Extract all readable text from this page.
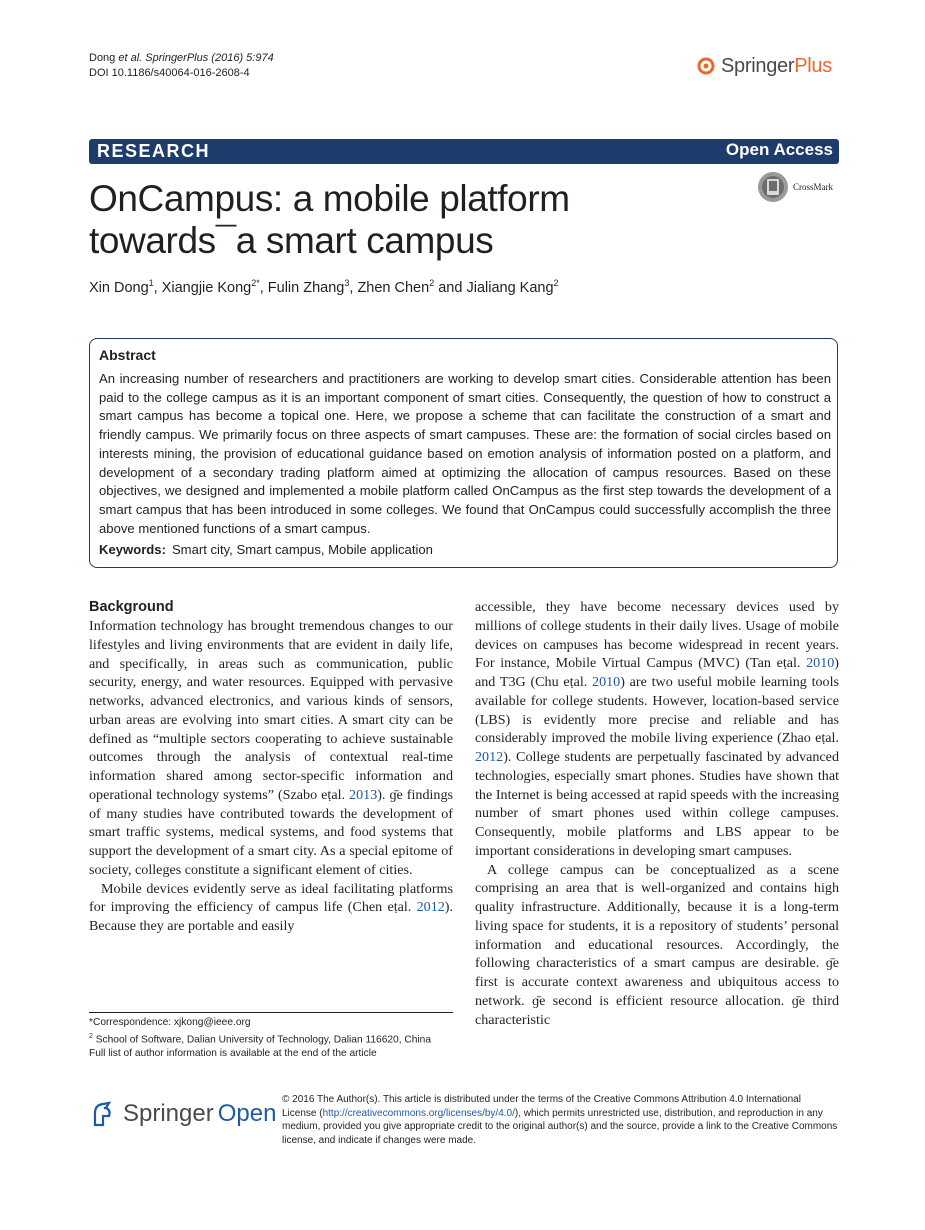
Dong et al. SpringerPlus (2016) 5:974
DOI 10.1186/s40064-016-2608-4	Springer Plus
RESEARCH	Open Access
OnCampus: a mobile platform towards¯a smart campus
CrossMark
Xin Dong$^1$, Xiangjie Kong$^{2*}$, Fulin Zhang$^3$, Zhen Chen$^2$ and Jialiang Kang$^2$
Abstract

An increasing number of researchers and practitioners are working to develop smart cities. Considerable attention has been paid to the college campus as it is an important component of smart cities. Consequently, the question of how to construct a smart campus has become a topical one. Here, we propose a scheme that can facilitate the construction of a smart and friendly campus. We primarily focus on three aspects of smart campuses. These are: the formation of social circles based on interests mining, the provision of educational guidance based on emotion analysis of information posted on a platform, and development of a secondary trading platform aimed at optimizing the allocation of campus resources. Based on these objectives, we designed and implemented a mobile platform called OnCampus as the first step towards the development of a smart campus that has been introduced in some colleges. We found that OnCampus could successfully accomplish the three above mentioned functions of a smart campus.

Keywords: Smart city, Smart campus, Mobile application
Background

Information technology has brought tremendous changes to our lifestyles and living environments that are evident in daily life, and specifically, in areas such as communication, public security, energy, and water resources. Equipped with pervasive networks, advanced electronics, and various kinds of sensors, urban areas are evolving into smart cities. A smart city can be defined as “multiple sectors cooperating to achieve sustainable outcomes through the analysis of contextual real-time information shared among sector-specific information and operational technology systems” (Szabo eṭal. 2013). ɡ̄e findings of many studies have contributed towards the development of smart traffic systems, medical systems, and food systems that support the development of a smart city. As a special epitome of society, colleges constitute a significant element of cities.

Mobile devices evidently serve as ideal facilitating platforms for improving the efficiency of campus life (Chen eṭal. 2012). Because they are portable and easily

accessible, they have become necessary devices used by millions of college students in their daily lives. Usage of mobile devices on campuses has become widespread in recent years. For instance, Mobile Virtual Campus (MVC) (Tan eṭal. 2010) and T3G (Chu eṭal. 2010) are two useful mobile learning tools available for college students. However, location-based service (LBS) is evidently more precise and reliable and has considerably improved the mobile living experience (Zhao eṭal. 2012). College students are perpetually fascinated by advanced technologies, especially smart phones. Studies have shown that the Internet is being accessed at rapid speeds with the increasing number of smart phones used within college campuses. Consequently, mobile platforms and LBS appear to be important considerations in developing smart campuses.

A college campus can be conceptualized as a scene comprising an area that is well-organized and contains high quality infrastructure. Additionally, because it is a long-term living space for students, it is a repository of students’ personal information and educational resources. Accordingly, the following characteristics of a smart campus are desirable. ɡ̄e first is accurate context awareness and ubiquitous access to network. ɡ̄e second is efficient resource allocation. ɡ̄e third characteristic

*Correspondence: xjkong@ieee.org
$^2$ School of Software, Dalian University of Technology, Dalian 116620, China
Full list of author information is available at the end of the article
Springer Open
© 2016 The Author(s). This article is distributed under the terms of the Creative Commons Attribution 4.0 International License (http://creativecommons.org/licenses/by/4.0/), which permits unrestricted use, distribution, and reproduction in any medium, provided you give appropriate credit to the original author(s) and the source, provide a link to the Creative Commons license, and indicate if changes were made.
